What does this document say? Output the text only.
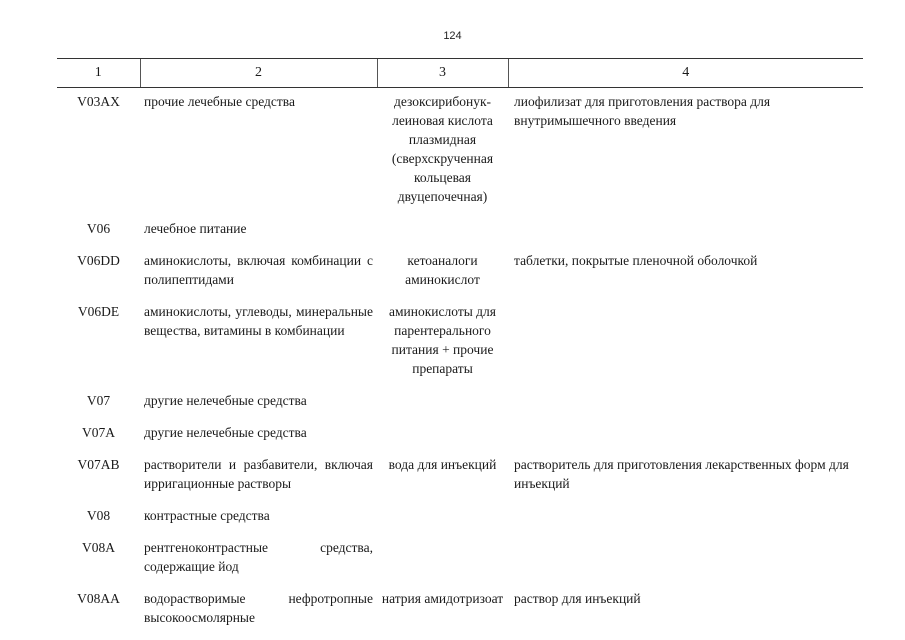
124
1	2	3	4
V03AX	прочие лечебные средства	дезоксирибонук-леиновая кислота плазмидная (сверхскрученная кольцевая двуцепочечная)	лиофилизат для приготовления раствора для внутримышечного введения
V06	лечебное питание		
V06DD	аминокислоты, включая комбинации с полипептидами	кетоаналоги аминокислот	таблетки, покрытые пленочной оболочкой
V06DE	аминокислоты, углеводы, минеральные вещества, витамины в комбинации	аминокислоты для парентерального питания + прочие препараты	
V07	другие нелечебные средства		
V07A	другие нелечебные средства		
V07AB	растворители и разбавители, включая ирригационные растворы	вода для инъекций	растворитель для приготовления лекарственных форм для инъекций
V08	контрастные средства		
V08A	рентгеноконтрастные средства, содержащие йод		
V08AA	водорастворимые нефротропные высокоосмолярные	натрия амидотризоат	раствор для инъекций
